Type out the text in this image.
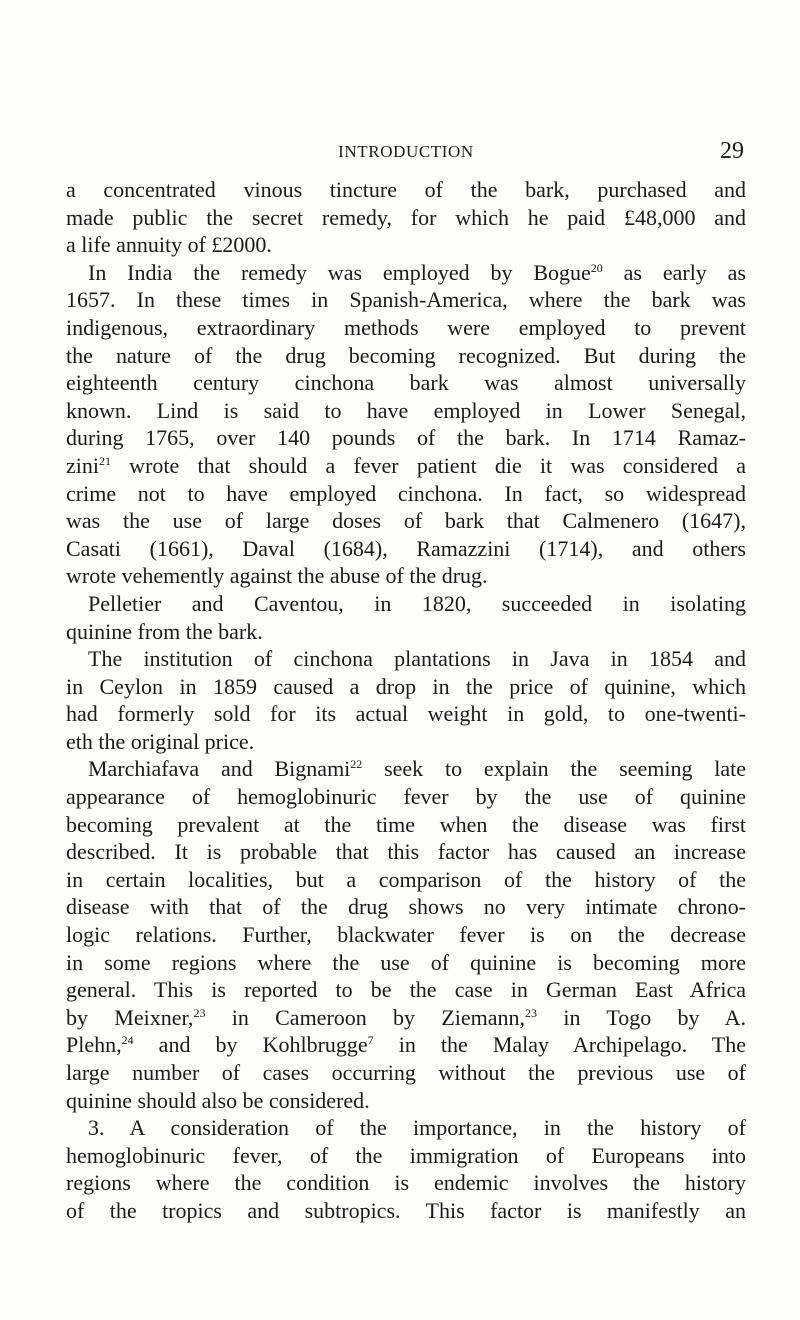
INTRODUCTION	29
a concentrated vinous tincture of the bark, purchased and
made public the secret remedy, for which he paid £48,000 and
a life annuity of £2000.
In India the remedy was employed by Bogue$^{20}$ as early as
1657. In these times in Spanish-America, where the bark was
indigenous, extraordinary methods were employed to prevent
the nature of the drug becoming recognized. But during the
eighteenth century cinchona bark was almost universally
known. Lind is said to have employed in Lower Senegal,
during 1765, over 140 pounds of the bark. In 1714 Ramaz-
zini$^{21}$ wrote that should a fever patient die it was considered a
crime not to have employed cinchona. In fact, so widespread
was the use of large doses of bark that Calmenero (1647),
Casati (1661), Daval (1684), Ramazzini (1714), and others
wrote vehemently against the abuse of the drug.
Pelletier and Caventou, in 1820, succeeded in isolating
quinine from the bark.
The institution of cinchona plantations in Java in 1854 and
in Ceylon in 1859 caused a drop in the price of quinine, which
had formerly sold for its actual weight in gold, to one-twenti-
eth the original price.
Marchiafava and Bignami$^{22}$ seek to explain the seeming late
appearance of hemoglobinuric fever by the use of quinine
becoming prevalent at the time when the disease was first
described. It is probable that this factor has caused an increase
in certain localities, but a comparison of the history of the
disease with that of the drug shows no very intimate chrono-
logic relations. Further, blackwater fever is on the decrease
in some regions where the use of quinine is becoming more
general. This is reported to be the case in German East Africa
by Meixner,$^{23}$ in Cameroon by Ziemann,$^{23}$ in Togo by A.
Plehn,$^{24}$ and by Kohlbrugge$^7$ in the Malay Archipelago. The
large number of cases occurring without the previous use of
quinine should also be considered.
3. A consideration of the importance, in the history of
hemoglobinuric fever, of the immigration of Europeans into
regions where the condition is endemic involves the history
of the tropics and subtropics. This factor is manifestly an
